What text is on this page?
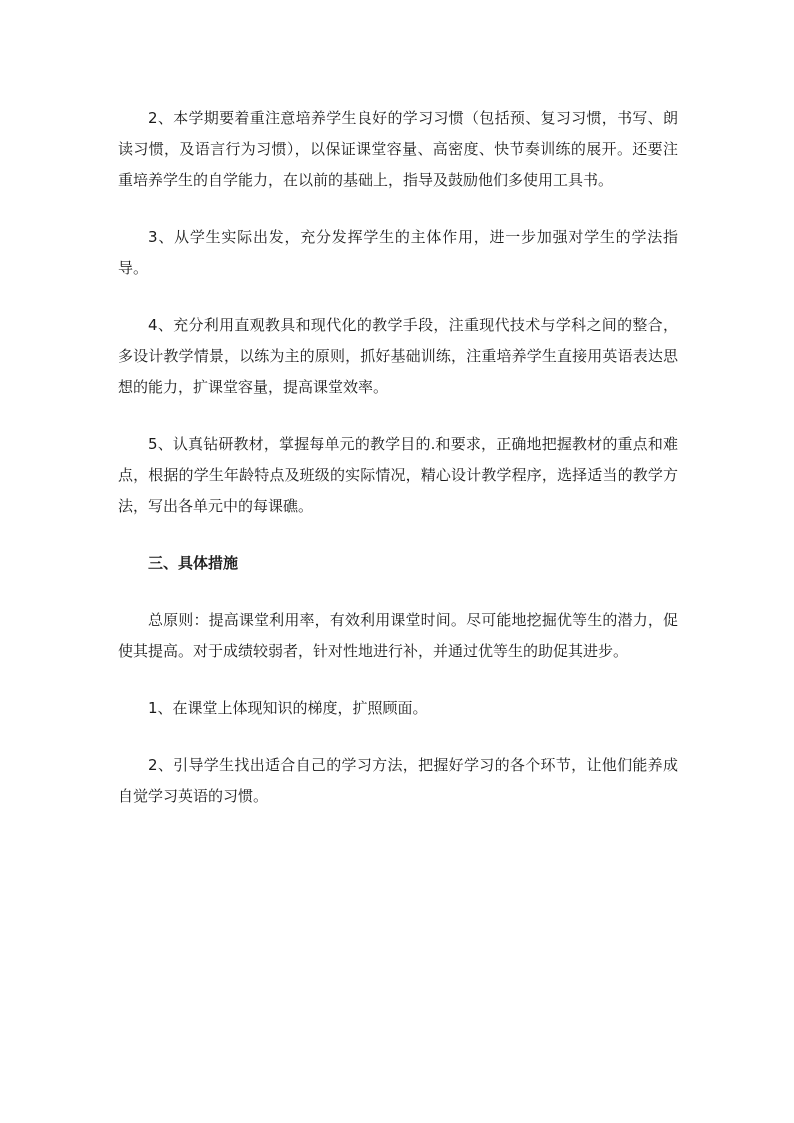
2、本学期要着重注意培养学生良好的学习习惯（包括预、复习习惯，书写、朗读习惯，及语言行为习惯），以保证课堂容量、高密度、快节奏训练的展开。还要注重培养学生的自学能力，在以前的基础上，指导及鼓励他们多使用工具书。

3、从学生实际出发，充分发挥学生的主体作用，进一步加强对学生的学法指导。

4、充分利用直观教具和现代化的教学手段，注重现代技术与学科之间的整合，多设计教学情景，以练为主的原则，抓好基础训练，注重培养学生直接用英语表达思想的能力，扩课堂容量，提高课堂效率。

5、认真钻研教材，掌握每单元的教学目的.和要求，正确地把握教材的重点和难点，根据的学生年龄特点及班级的实际情况，精心设计教学程序，选择适当的教学方法，写出各单元中的每课礁。

三、具体措施

总原则：提高课堂利用率，有效利用课堂时间。尽可能地挖掘优等生的潜力，促使其提高。对于成绩较弱者，针对性地进行补，并通过优等生的助促其进步。

1、在课堂上体现知识的梯度，扩照顾面。

2、引导学生找出适合自己的学习方法，把握好学习的各个环节，让他们能养成自觉学习英语的习惯。
